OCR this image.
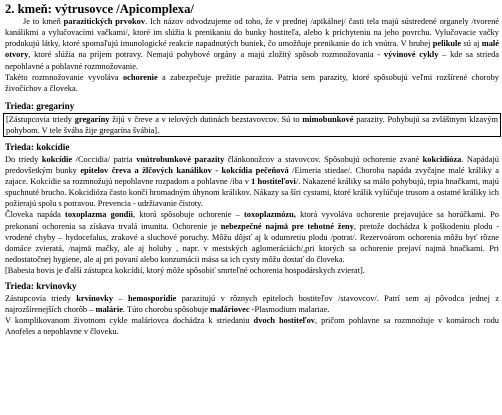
2. kmeň: výtrusovce /Apicomplexa/

Je to kmeň parazitických prvokov. Ich názov odvodzujeme od toho, že v prednej /apikálnej/ časti tela majú sústredené organely /tvorené kanálikmi a vylučovacími vačkami/, ktoré im slúžia k prenikaniu do bunky hostiteľa, alebo k prichyteniu na jeho povrchu. Vylučovacie vačky produkujú látky, ktoré spomaľujú imunologické reakcie napadnutých buniek, čo umožňuje prenikanie do ich vnútra. V hrubej pelikule sú aj malé otvory, ktoré slúžia na príjem potravy. Nemajú pohybové orgány a majú zložitý spôsob rozmnožovania - vývinové cykly – kde sa strieda nepohlavné a pohlavné rozmnožovanie.

Takéto rozmnožovanie vyvoláva ochorenie a zabezpečuje prežitie parazita. Patria sem parazity, ktoré spôsobujú veľmi rozšírené choroby živočíchov a človeka.

Trieda: gregaríny

[Zástupcovia triedy gregaríny žijú v čreve a v telových dutinách bezstavovcov. Sú to mimobunkové parazity. Pohybujú sa zvláštnym klzavým pohybom. V tele švába žije gregarína švábia].

Trieda: kokcídie

Do triedy kokcídie /Coccidia/ patria vnútrobunkové parazity článkonožcov a stavovcov. Spôsobujú ochorenie zvané kokcidióza. Napádajú predovšetkým bunky epitelov čreva a žlčových kanálikov - kokcídia pečeňová /Eimeria stiedae/. Choroba napáda zvyčajne malé králiky a zajace. Kokcídie sa rozmnožujú nepohlavne rozpadom a pohlavne /iba v 1 hostiteľovi/. Nakazené králiky sa málo pohybujú, trpia hnačkami, majú spuchnuté brucho. Kokcidióza často končí hromadným úhynom králikov. Nákazy sa šíri cystami, ktoré králik vylúčuje trusom a ostatné králiky ich požierajú spolu s potravou. Prevencia - udržiavanie čistoty.

Človeka napáda toxoplazma gondii, ktorá spôsobuje ochorenie – toxoplazmózu, ktorá vyvoláva ochorenie prejavujúce sa horúčkami. Po prekonaní ochorenia sa získava trvalá imunita. Ochorenie je nebezpečné najmä pre tehotné ženy, pretože dochádza k poškodeniu plodu - vrodené chyby – hydocefalus, zrakové a sluchové poruchy. Môžu dôjsť aj k odumretiu plodu /potrat/. Rezervoárom ochorenia môžu byť rôzne domáce zvieratá, /najmä mačky, ale aj holuby , napr. v mestských aglomeráciách/,pri ktorých sa ochorenie prejaví najmä hnačkami. Pri nedostatočnej hygiene, ale aj pri povaní alebo konzumácii mäsa sa ich cysty môžu dostať do človeka.

[Babesia bovis je ďalší zástupca kokcídií, ktorý môže spôsobiť smrteľné ochorenia hospodárskych zvierat].

Trieda: krvinovky

Zástupcovia triedy krvinovky – hemosporidie parazitujú v rôznych epiteloch hostiteľov /stavovcov/. Patrí sem aj pôvodca jednej z najrozšírenejších chorôb – malárie. Túto chorobu spôsobuje maláriovec -Plasmodium malariae.

V komplikovanom životnom cykle maláriovca dochádza k striedaniu dvoch hostiteľov, pričom pohlavne sa rozmnožuje v komároch rodu Anofeles a nepohlavne v človeku.
